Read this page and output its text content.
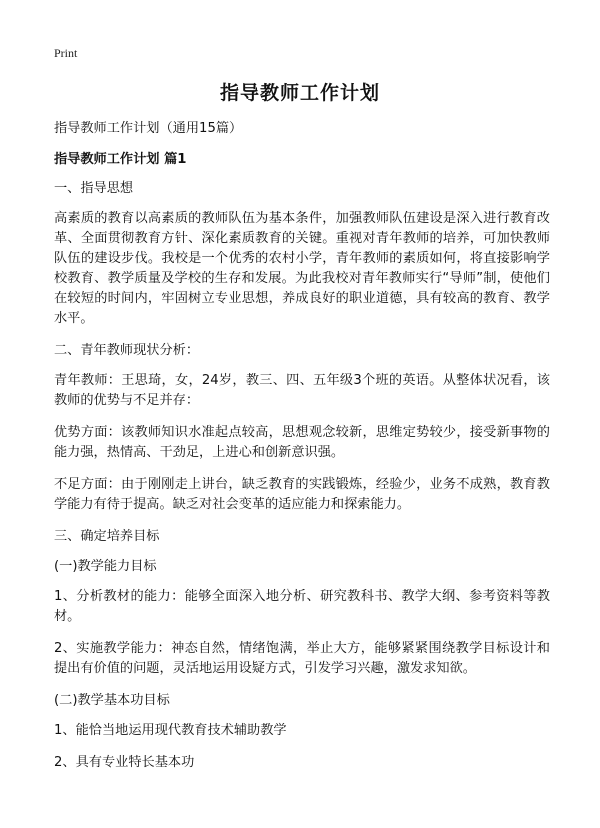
Print
指导教师工作计划

指导教师工作计划（通用15篇）

指导教师工作计划 篇1

一、指导思想

高素质的教育以高素质的教师队伍为基本条件，加强教师队伍建设是深入进行教育改革、全面贯彻教育方针、深化素质教育的关键。重视对青年教师的培养，可加快教师队伍的建设步伐。我校是一个优秀的农村小学，青年教师的素质如何，将直接影响学校教育、教学质量及学校的生存和发展。为此我校对青年教师实行“导师”制，使他们在较短的时间内，牢固树立专业思想，养成良好的职业道德，具有较高的教育、教学水平。

二、青年教师现状分析：

青年教师：王思琦，女，24岁，教三、四、五年级3个班的英语。从整体状况看，该教师的优势与不足并存：

优势方面：该教师知识水准起点较高，思想观念较新，思维定势较少，接受新事物的能力强，热情高、干劲足，上进心和创新意识强。

不足方面：由于刚刚走上讲台，缺乏教育的实践锻炼，经验少，业务不成熟，教育教学能力有待于提高。缺乏对社会变革的适应能力和探索能力。

三、确定培养目标

(一)教学能力目标

1、分析教材的能力：能够全面深入地分析、研究教科书、教学大纲、参考资料等教材。

2、实施教学能力：神态自然，情绪饱满，举止大方，能够紧紧围绕教学目标设计和提出有价值的问题，灵活地运用设疑方式，引发学习兴趣，激发求知欲。

(二)教学基本功目标

1、能恰当地运用现代教育技术辅助教学

2、具有专业特长基本功
